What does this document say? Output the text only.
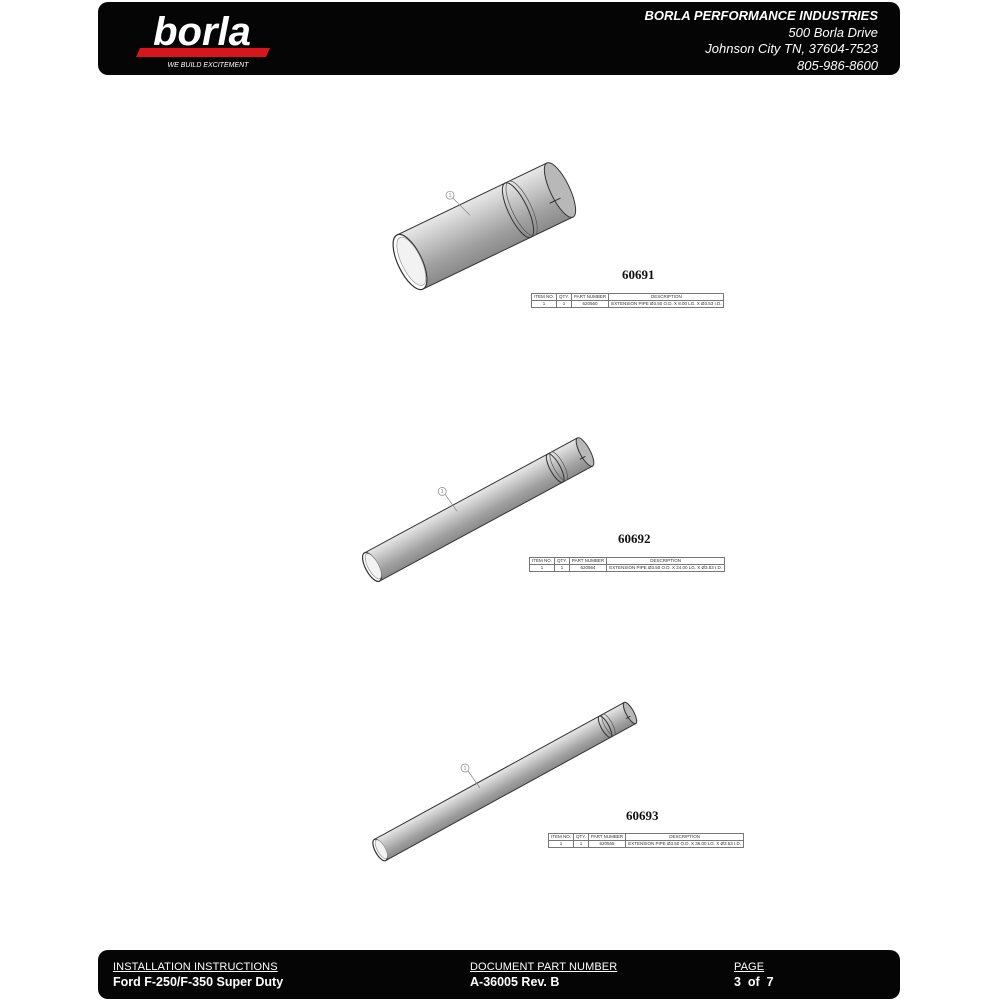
borla
WE BUILD EXCITEMENT
BORLA PERFORMANCE INDUSTRIES
500 Borla Drive
Johnson City TN, 37604-7523
805-986-8600
1
1
1
60691
ITEM NO.	QTY.	PART NUMBER	DESCRIPTION
1	1	620560	EXTENSION PIPE Ø3.50 O.D. X 8.00 LG. X Ø3.53 I.D.
60692
ITEM NO.	QTY.	PART NUMBER	DESCRIPTION
1	1	620564	EXTENSION PIPE Ø3.50 O.D. X 24.00 LG. X Ø3.53 I.D.
60693
ITEM NO.	QTY.	PART NUMBER	DESCRIPTION
1	1	620565	EXTENSION PIPE Ø3.50 O.D. X 36.00 LG. X Ø3.53 I.D.
INSTALLATION INSTRUCTIONS
Ford F-250/F-350 Super Duty
DOCUMENT PART NUMBER
A-36005 Rev. B
PAGE
3  of  7
